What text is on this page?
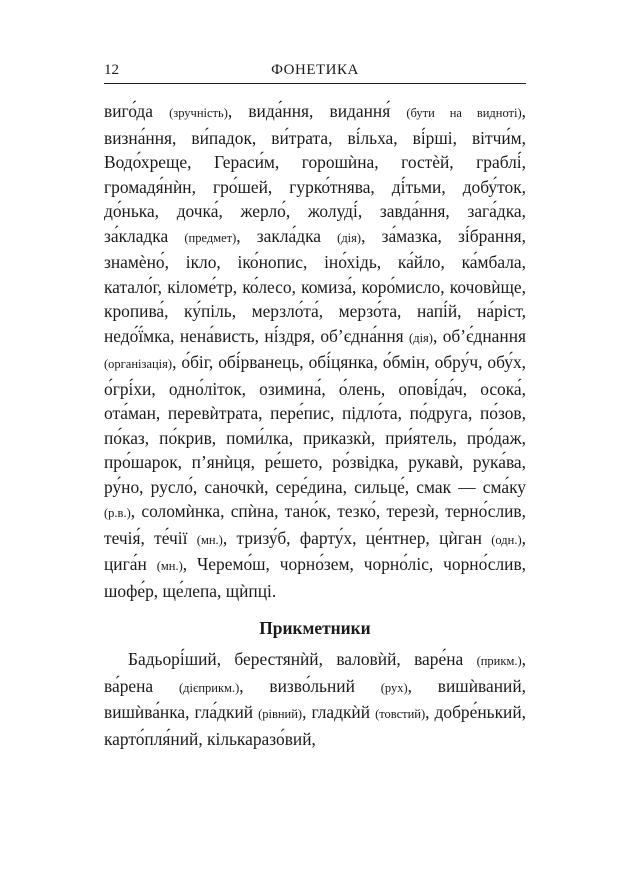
12	ФОНЕТИКА

виго́да (зручність), вида́ння, видання́ (бути на видноті), визна́ння, ви́падок, ви́трата, ві́льха, ві́рші, вітчи́м, Водо́хреще, Гераси́м, горошѝна, гостѐй, граблі́, громадя́нѝн, гро́шей, гурко́тнява, ді́тьми, добу́ток, до́нька, дочка́, жерло́, жолуді́, завда́ння, зага́дка, за́кладка (предмет), закла́дка (дія), за́мазка, зі́брання, знамѐно́, ікло, іко́нопис, іно́хідь, ка́йло, ка́мбала, катало́г, кіломе́тр, ко́лесо, комиза́, коро́мисло, кочовѝще, кропива́, ку́піль, мерзло́та́, мерзо́та, напі́й, на́ріст, недо́ї́мка, нена́висть, ні́здря, об’єдна́ння (дія), об’є́днання (організація), о́біг, обі́рванець, обі́цянка, о́бмін, обру́ч, обу́х, о́грі́хи, одно́літок, озимина́, о́лень, опові́да́ч, осока́, ота́ман, перевѝтрата, пере́пис, підло́та, по́друга, по́зов, по́каз, по́крив, поми́лка, приказкѝ, при́ятель, про́даж, про́шарок, п’янѝця, ре́шето, ро́звідка, рукавѝ, рука́ва, ру́но, русло́, саночкѝ, сере́дина, сильце́, смак — сма́ку (р.в.), соломѝнка, спѝна, тано́к, тезко́, терезѝ, терно́слив, течія́, те́чії (мн.), тризу́б, фарту́х, це́нтнер, цѝган (одн.), цига́н (мн.), Черемо́ш, чорно́зем, чорно́ліс, чорно́слив, шофе́р, ще́лепа, щѝпці.

Прикметники

Бадьорі́ший, берестянѝй, валовѝй, варе́на (прикм.), ва́рена (дієприкм.), визво́льний (рух), вишѝваний, вишѝва́нка, гла́дкий (рівний), гладкѝй (товстий), добре́нький, карто́пля́ний, кількаразо́вий,
